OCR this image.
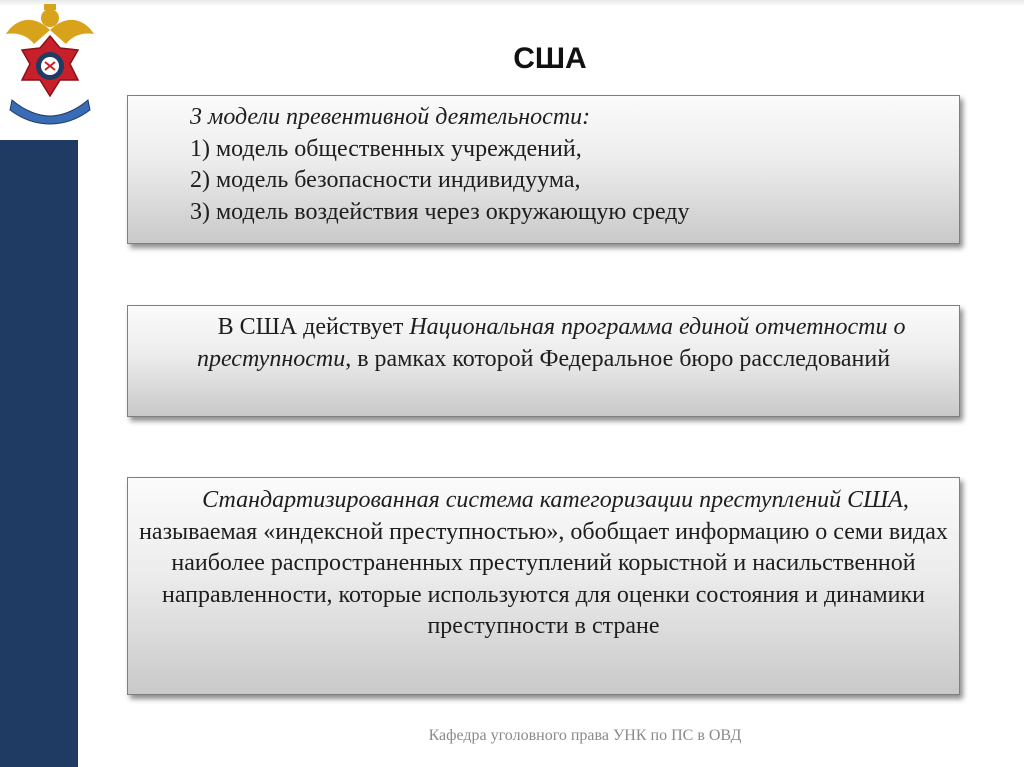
США
3 модели превентивной деятельности:
1) модель общественных учреждений,
2) модель безопасности индивидуума,
3) модель воздействия через окружающую среду

В США действует Национальная программа единой отчетности о преступности, в рамках которой Федеральное бюро расследований

Стандартизированная система категоризации преступлений США, называемая «индексной преступностью», обобщает информацию о семи видах наиболее распространенных преступлений корыстной и насильственной направленности, которые используются для оценки состояния и динамики преступности в стране

Кафедра уголовного права УНК по ПС в ОВД
